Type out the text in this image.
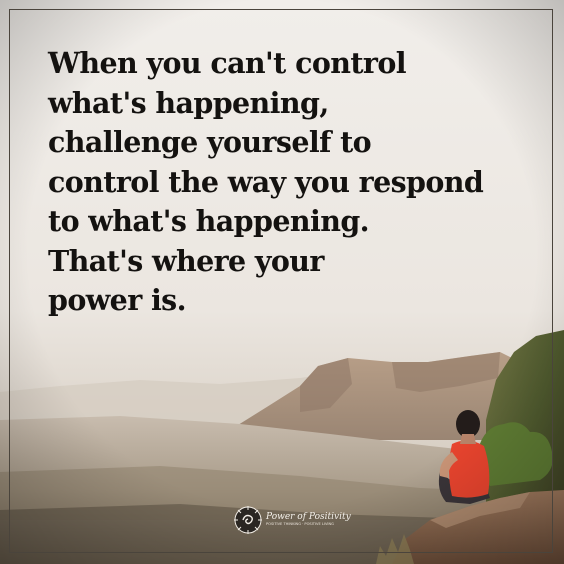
When you can't control
what's happening,
challenge yourself to
control the way you respond
to what's happening.
That's where your
power is.
Power of Positivity
POSITIVE THINKING · POSITIVE LIVING
